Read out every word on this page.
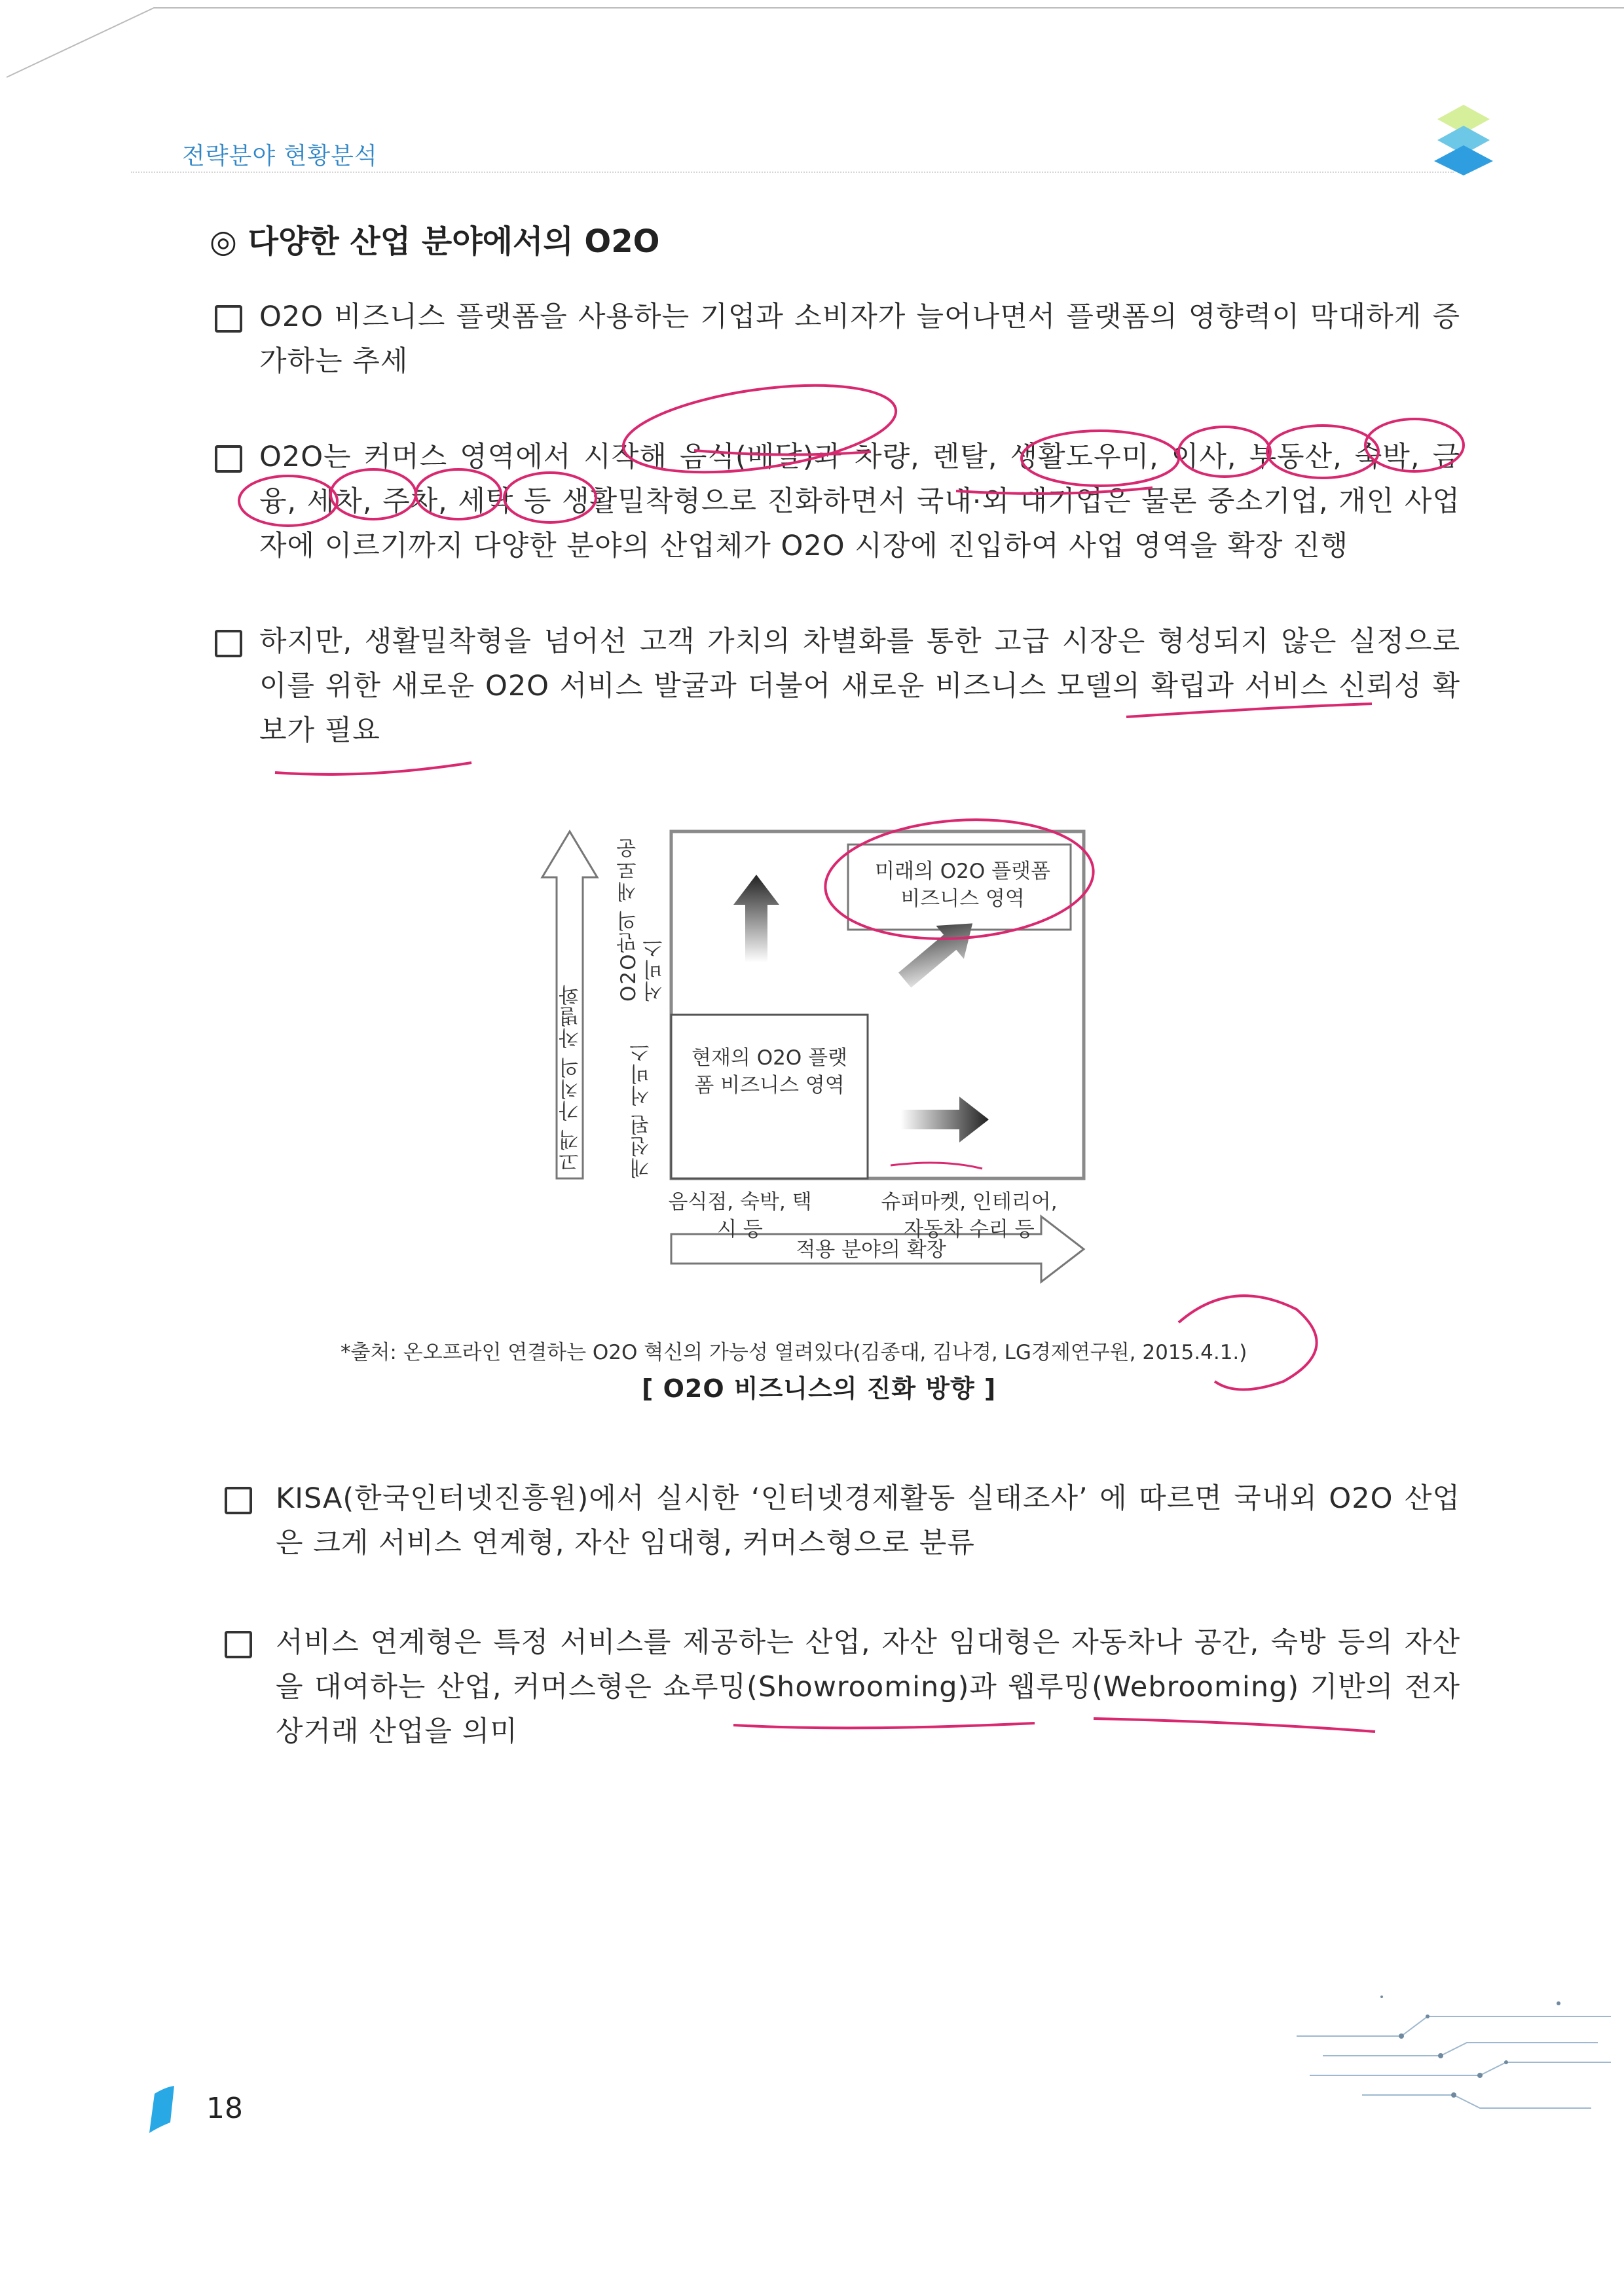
전략분야 현황분석
◎ 다양한 산업 분야에서의 O2O
O2O 비즈니스 플랫폼을 사용하는 기업과 소비자가 늘어나면서 플랫폼의 영향력이 막대하게 증가하는 추세
O2O는 커머스 영역에서 시작해 음식(배달)과 차량, 렌탈, 생활도우미, 이사, 부동산, 숙박, 금융, 세차, 주차, 세탁 등 생활밀착형으로 진화하면서 국내·외 대기업은 물론 중소기업, 개인 사업자에 이르기까지 다양한 분야의 산업체가 O2O 시장에 진입하여 사업 영역을 확장 진행
하지만, 생활밀착형을 넘어선 고객 가치의 차별화를 통한 고급 시장은 형성되지 않은 실정으로 이를 위한 새로운 O2O 서비스 발굴과 더불어 새로운 비즈니스 모델의 확립과 서비스 신뢰성 확보가 필요
미래의 O2O 플랫폼 비즈니스 영역
현재의 O2O 플랫폼 비즈니스 영역
고객 가치의 차별화
O2O만의 새로운 서비스
개선된 서비스
음식점, 숙박, 택시 등
슈퍼마켓, 인테리어, 자동차 수리 등
적용 분야의 확장
*출처: 온오프라인 연결하는 O2O 혁신의 가능성 열려있다(김종대, 김나경, LG경제연구원, 2015.4.1.)
[ O2O 비즈니스의 진화 방향 ]
KISA(한국인터넷진흥원)에서 실시한 ‘인터넷경제활동 실태조사’ 에 따르면 국내외 O2O 산업은 크게 서비스 연계형, 자산 임대형, 커머스형으로 분류
서비스 연계형은 특정 서비스를 제공하는 산업, 자산 임대형은 자동차나 공간, 숙방 등의 자산을 대여하는 산업, 커머스형은 쇼루밍(Showrooming)과 웹루밍(Webrooming) 기반의 전자상거래 산업을 의미
18
